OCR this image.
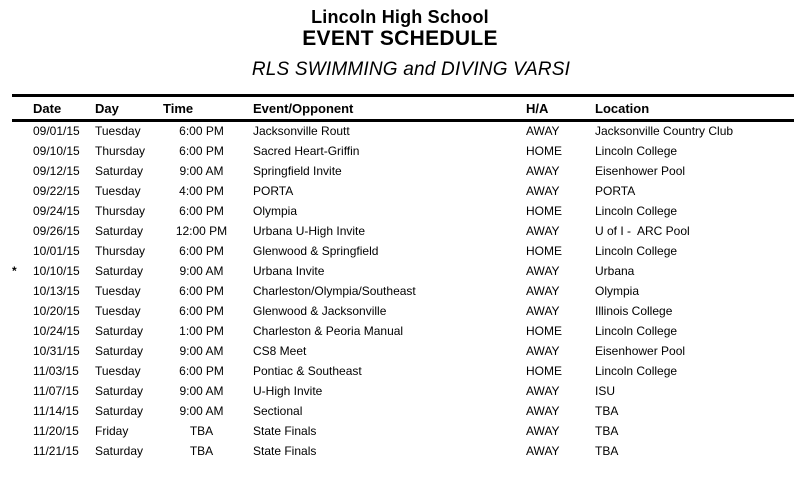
Lincoln High School
EVENT SCHEDULE
RLS SWIMMING and DIVING VARSI
	Date	Day	Time	Event/Opponent	H/A	Location
	09/01/15	Tuesday	6:00 PM	Jacksonville Routt	AWAY	Jacksonville Country Club
	09/10/15	Thursday	6:00 PM	Sacred Heart-Griffin	HOME	Lincoln College
	09/12/15	Saturday	9:00 AM	Springfield Invite	AWAY	Eisenhower Pool
	09/22/15	Tuesday	4:00 PM	PORTA	AWAY	PORTA
	09/24/15	Thursday	6:00 PM	Olympia	HOME	Lincoln College
	09/26/15	Saturday	12:00 PM	Urbana U-High Invite	AWAY	U of I -  ARC Pool
	10/01/15	Thursday	6:00 PM	Glenwood & Springfield	HOME	Lincoln College
*	10/10/15	Saturday	9:00 AM	Urbana Invite	AWAY	Urbana
	10/13/15	Tuesday	6:00 PM	Charleston/Olympia/Southeast	AWAY	Olympia
	10/20/15	Tuesday	6:00 PM	Glenwood & Jacksonville	AWAY	Illinois College
	10/24/15	Saturday	1:00 PM	Charleston & Peoria Manual	HOME	Lincoln College
	10/31/15	Saturday	9:00 AM	CS8 Meet	AWAY	Eisenhower Pool
	11/03/15	Tuesday	6:00 PM	Pontiac & Southeast	HOME	Lincoln College
	11/07/15	Saturday	9:00 AM	U-High Invite	AWAY	ISU
	11/14/15	Saturday	9:00 AM	Sectional	AWAY	TBA
	11/20/15	Friday	TBA	State Finals	AWAY	TBA
	11/21/15	Saturday	TBA	State Finals	AWAY	TBA
